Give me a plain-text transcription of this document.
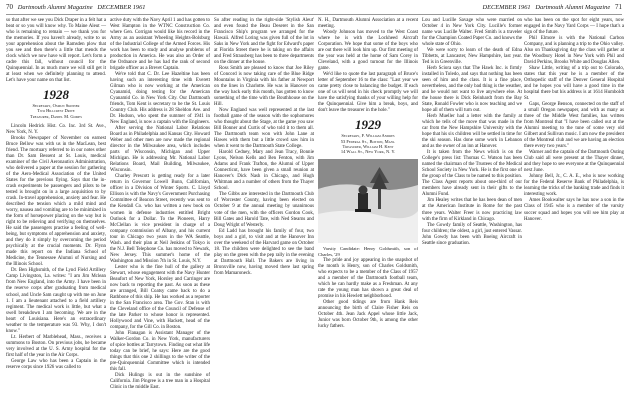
70 Dartmouth Alumni Magazine DECEMBER 1961	DECEMBER 1961 Dartmouth Alumni Magazine 71

so that after we see you Dick Draper in a felt hat a beat or so you will know why. To Maine Aleut — who is remaining to remain — we thank you for the memories. If you haven't already, write to us your apprehension about the Ramsden plow that you see and then there's a little that mends the clock which we now have will report. Let's form a cadre this fall, without council for the Quinquennial. In as much more we will still get it at least when we definitely planning to attend. Let's have your name on that list.

1928
Secretary, Osmun Skinner
Two Hillcrest Drive
Treasurer, Daniel M. Gomes

Lincoln Hedrick Hist. Co. Inc. 3rd St. Ave., New York, N. Y.

Brooks Newspaper of November on earnest Bruce Bellow was with us in the MacLean, best friend. The mortuary referred to in our notes other than Dr. Sam Bessent at St. Louis, medical examiner of the Civil Aeronautics Administration, who delivered a paper at the session for gathering of the Aero-Medical Association of the United States for the previous flying. Says that the in-crash experiments be passengers and pilots to be tested is brought on in a large acquisition to by crash. In-travel apprehension, anxiety and fear. He described the tension which a mild mind and worry, nausea and vomiting are to be minimized in the form of horsepower placing on the way but is right to be relieving and verifying on themselves. He said the passengers practise a feeling of well-being, but symptoms of apprehension and anxiety, and they do it simply by overcoming the period psychically at the crucial moments. Dr. Flynn made this report on the Indiana School of Medicine, the Tennessee Alumni of Nursing and the Illinois School.

Dr. Ben Highsmith, of the Lynd Field Artillery Camp Livingston, La. writes: "I am Jim Mclean from New England, into the Army. I have been in the reserve corps after graduating from medical school, and Uncle Sam caught up with me on June 1. I am a lieutenant attached to a field artillery regiment. The medical work is little, but what a swell breakdown I am becoming. We are in the heart of Louisiana. Here's an extraordinary weather to the temperature was 93. Why, I don't know."

Lt. Herbert of Marblehead, Mass., receives a summons to Boston. On previous jobs, he became very involved at the U. S. Army hospital for the first half of the year in the Air Corps.

George Law who has been a Captain in the reserve corps since 1926 was called to

active duty with the Navy April 1 and has gotten to West Hampton in the WTNC Construction Co. where Gen. Corrigan would like his record in the Army as an assistant Wheeling Heights-Bolsburg of the Industrial College of the Armed Forces. His work has been to study and analyse problems of production in America. He was also an Order of the Ordnance and he has had the rank of second brigade officer as a Brevet Captain.

We're told that C. Dr. Lee Hazeltine has been having such an interesting time with Everett Gilman who is now working at the American Cyanamid, doing testing for the American Cyanamid Co. in New York City. Our Dartmouth friends, Tom Kent is secretary to be the St. Louis Country Club. His address is 28 Sheldon Ave. and Dr. Hudson, who spent the summer of 1941 in New England, is now a captain with the Engineers.

After serving the National Labor Relations Board as in Philadelphia and Kansas City. Howard Weber and other men are now made the regional director in the Milwaukee area, which includes parts of Wisconsin, Michigan and Upper Michigan. He is addressing Mr. National Labor Relations Board, Mail Building, Milwaukee, Wisconsin.

Charley Prescott is getting ready for a later return in Governor Lowell Bunn, Californian, officer in a Division of Winter Sports. C. Lloyd Ellison is with the Navy's Government Purchasing Committee of Beacon Street, recently was sent to the Kendall Co. who has written a new book on women in defense industries entitled Bright Outlook for a Dollar. To the Pioneers, Harry McClellan is vice president in charge of a company commission of Albany, and his current tour in Chicago two years in the WA Seattle, Wash. and their plan at Neil Jenkins of Tokyo is the N.J. Bell Telephone Co. has moved to Newark, New Jersey. This summer's home of the Washington and Mission 7th in St. Louis, N.Y.

Lester who is the fine hull of the gallery at Stewart, whose engagement with the Navy Hunter Beaufort of New York, Horsley and Carringer are now back to reporting the past. As soon as these are arranged, Bill Coatsy came back to do a Rathbone of this ship. He has worked as a reporter in the San Francisco area. The Gov. Stan is with the Cleveland office of the Council of Defense of the late Parker to whose honor is represented. Hollywood and Vine, with Hackett, head of the company, for the Gill Co. in Boston.

John Flanagan is Assistant Manager of the Walker-Gordon Co. in New York, manufacturers of spice bottles at Tarrytown. Finding out what life today can be brief, he says: Here are the good things that this one 2 shillings to the writer of the pre-Quinquennial Committee which is intended this fall.

Dick Hulings is out in the sunshine of California. Jim Pingree is a tree man in a Hospital Clinic in the middle East.

So after reading in the right-side 'Stylish Aleut' and even found the Beau Deseret in the San Francisco Ship's program we arranged for the Hawaii. Alfred Loring was given full of the lot in Saks in New York and the fight for Edward's paper at Florida Street there he is taking on the affairs and Fred Strausberg has been to three departments on the dinner at the house.

Ross Smith are pleased to know that Joe Riley of Concord is now taking care of the Blue Ridge Mountains in Virginia with his father at Newport on the lines in Charlotte. He was in Hanover on the way back early this month, has gotten to know something of the time with the Bouthhouse on the Hill.

Now England was well represented at the last football game of the season with the sophomores who thought about the Stage, at the game you saw Bill Bonner and Curtis of who told it to them all. The Dartmouth team won with John Lane at Hawes with them but a little crowd saw him in when it went to the Dartmouth State College.

Harold Cedney, Mary and Jean Tracy, Bonnie Lyons, Nelson Kells and Ben Fenton, with Jim Adams and Frank Trafton, the Alumni of Upper Connecticut, have been given a small reunion at Hanover's Dick Nash in Chicago, and Hugh Whitman and a number of others from the Thayer School.

The Gibbs are interested in the Dartmouth Club of Worcester County, having been elected on October 9 at the annual meeting by unanimous vote of the men, with the officers Gordon Cook, Bill Gates and Harold Tate, with Ned Stearns and Doug Wright of Westerly.

Ed Ladd has brought his family of four, two boys and a girl, to visit and at the Hanover Inn over the weekend of the Harvard game on October 18. The children were delighted to see the band play on the green with the pep rally in the evening at Dartmouth Hall. The Bakers are living in Bronxville now, having moved there last spring from Mamaroneck.

N. H., Dartmouth Alumni Association at a recent meeting.

Woody Johnson has moved to the West Coast where he is with the Lockheed Aircraft Corporation. We hope that some of the boys who are out there will look him up. Our first meeting of the year was held at the home of Sam Corey in Cleveland, with a good turnout for the Illinois game.

We'd like to quote the last paragraph of Bruce's letter of September 16 to the class: "Last year we came pretty close to balancing the budget. If each one of us will send in his check promptly we will have the satisfying thanks of your willing help for the Quinquennial. Give him a break, boys, and don't leave the treasurer in the hole."

1929
Secretary, F. William Andres
53 Federal St., Boston, Mass.
Treasurer, William H. Kent
14 Wall St., New York, N. Y.

Varsity Candidate: Henry Goldsmith, son of Charles, '29

The pride and joy appearing in the snapshot of the month is Henry, son of Charles Goldsmith, who expects to be a member of the Class of 1957 and a member of the Dartmouth football team, which he can hardly make as a Freshman. At any rate the young man has shown a great deal of promise in his Hewlett neighborhood.

Other good tidings are from Hank Reis announcing the birth of Claire Fisher Reis on October 4th. Jean Jack Appel whose little Jack, Junior was born October 9th, is among the other lucky fathers.

Lou and Lucille Savage who were married on October 4 in New York City. Lucille's former name was Lucille Walter. Fred Smith is a traveler for the Champion Coated Paper Co. and knows the whole state of Ohio.

We were sorry to learn of the death of Edna Tibbetts, at Lancaster, New Hampshire, last year. Ted is in Greenville.

Herb Sciora says that The Hawk Inc. is firmly installed in Toledo, and says that nothing has been seen of him and the class. It is a fine place, nevertheless, and the only bad thing is the weather, and he would not want to live anywhere else. At the house there is Dick Reinhardt from the Bay State, Ronald Fowler who is now teaching and we hope all of them will turn out.

Herb Mueller had a letter with the family at which he tells of the move that was made in the car from the New Hampshire University with the hope that his six children will be settled in time for the ski season. Has done some work in Lebanon and as the owner of an inn at Hanover.

It is taken from the News which is on the College's press list: Thomas C. Watson has been named the chairman of the Trustees of the Medical School Society in New York. He is the first one of the group of the Class to be named to this position. The Class Agent reports about one-third of our members have already sent in their gifts to the Alumni Fund.

Jim Healey writes that he has been dean of men at the American Institute in Rome for the past three years. Walter Freer is now practicing law with the firm of Kirkland in Chicago.

The Gowdy family of Seattle, Washington, has four children; the oldest, a girl, just entered Vassar. John Gowdy has been with Boeing Aircraft in Seattle since graduation.

who has been on the spot for eight years, now engaged in the Navy Yard Corps — I hope that's a sign of the future.

Phil Elmore is with the National Carbon Company, and is planning a trip to the Ohio valley. Also on Thanksgiving day the class will gather at the Woodbury Hotel in New York with Phil and David Perkins, Brooks White and Douglas Allen.

Shaw Little, writing of a trip out to Colorado, states that this year he is a member of the Orthopedic staff of the Denver General Hospital and he hopes you will have a good time in the hospital there but his address is at 1614 Humboldt St.

Gaps, George Benson, connected on the staff of a small Oregon newspaper, and with as many as three of the Middle West families, has written from Montreal that "I have been called out at the Alumni meeting to the tune of some very old Gilbert and Sullivan music. I am now the president of the Montreal club and we are having an election there every two years."

Warner and the captain of the Dartmouth Outing Club said all were present at the Thayer dinner, and they hope to see everyone at the Quinquennial next June.

Johnny Bell, Jr., C. A. E., who is now working for the Federal Reserve Bank of Philadelphia, is learning the tricks of the banking trade and finds it interesting work.

Ames Bookwalter says he has now a son in the Class of 1945 who is a member of the varsity soccer squad and hopes you will see him play at Hanover.
